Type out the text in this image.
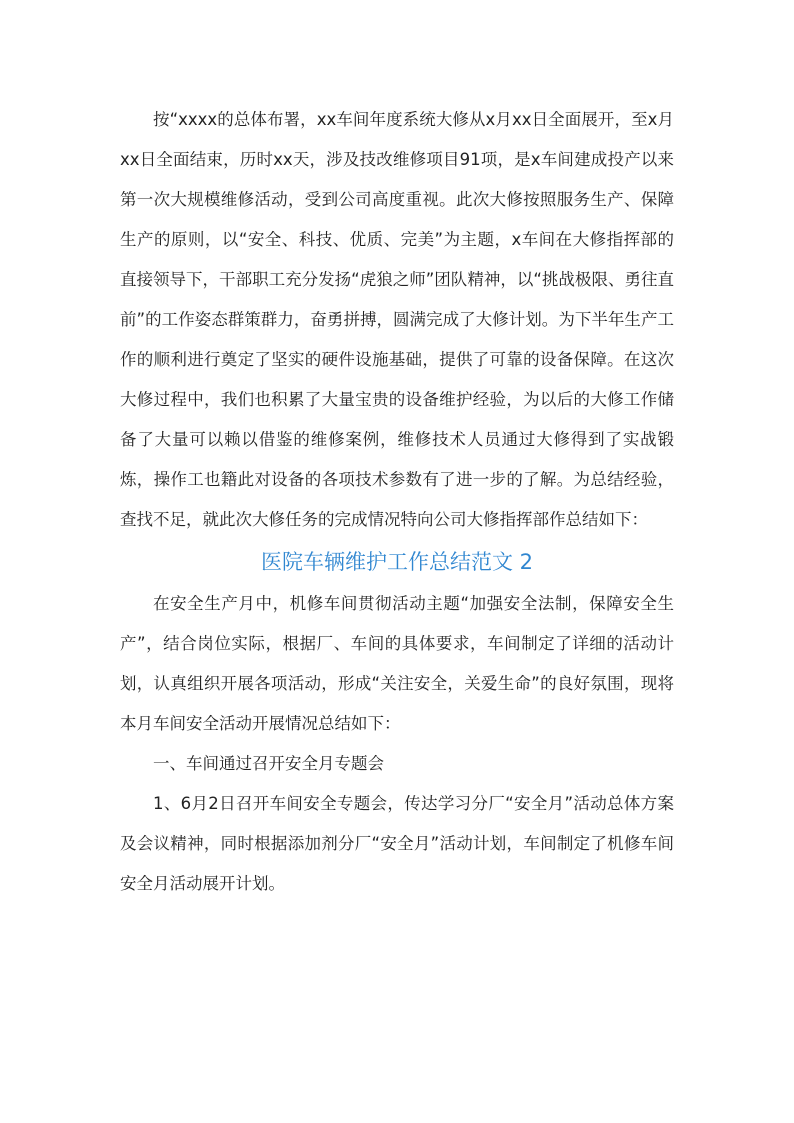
按“xxxx的总体布署，xx车间年度系统大修从x月xx日全面展开，至x月xx日全面结束，历时xx天，涉及技改维修项目91项，是x车间建成投产以来第一次大规模维修活动，受到公司高度重视。此次大修按照服务生产、保障生产的原则，以“安全、科技、优质、完美”为主题，x车间在大修指挥部的直接领导下，干部职工充分发扬“虎狼之师”团队精神，以“挑战极限、勇往直前”的工作姿态群策群力，奋勇拼搏，圆满完成了大修计划。为下半年生产工作的顺利进行奠定了坚实的硬件设施基础，提供了可靠的设备保障。在这次大修过程中，我们也积累了大量宝贵的设备维护经验，为以后的大修工作储备了大量可以赖以借鉴的维修案例，维修技术人员通过大修得到了实战锻炼，操作工也籍此对设备的各项技术参数有了进一步的了解。为总结经验，查找不足，就此次大修任务的完成情况特向公司大修指挥部作总结如下：

医院车辆维护工作总结范文 2

在安全生产月中，机修车间贯彻活动主题“加强安全法制，保障安全生产”，结合岗位实际，根据厂、车间的具体要求，车间制定了详细的活动计划，认真组织开展各项活动，形成“关注安全，关爱生命”的良好氛围，现将本月车间安全活动开展情况总结如下：

一、车间通过召开安全月专题会

1、6月2日召开车间安全专题会，传达学习分厂“安全月”活动总体方案及会议精神，同时根据添加剂分厂“安全月”活动计划，车间制定了机修车间安全月活动展开计划。
